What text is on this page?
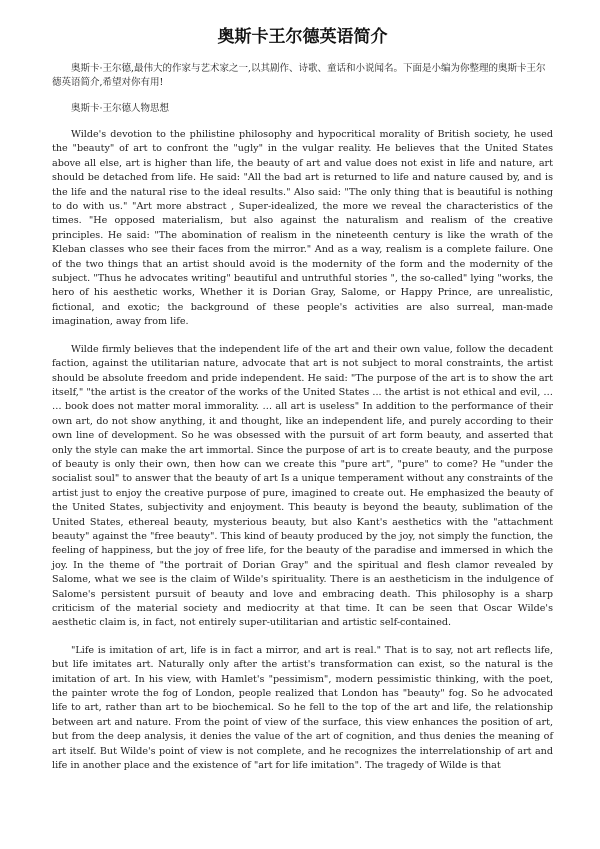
奥斯卡王尔德英语简介

奥斯卡·王尔德,最伟大的作家与艺术家之一,以其剧作、诗歌、童话和小说闻名。下面是小编为你整理的奥斯卡王尔德英语简介,希望对你有用!

奥斯卡·王尔德人物思想

Wilde's devotion to the philistine philosophy and hypocritical morality of British society, he used the "beauty" of art to confront the "ugly" in the vulgar reality. He believes that the United States above all else, art is higher than life, the beauty of art and value does not exist in life and nature, art should be detached from life. He said: "All the bad art is returned to life and nature caused by, and is the life and the natural rise to the ideal results." Also said: "The only thing that is beautiful is nothing to do with us." "Art more abstract , Super-idealized, the more we reveal the characteristics of the times. "He opposed materialism, but also against the naturalism and realism of the creative principles. He said: "The abomination of realism in the nineteenth century is like the wrath of the Kleban classes who see their faces from the mirror." And as a way, realism is a complete failure. One of the two things that an artist should avoid is the modernity of the form and the modernity of the subject. "Thus he advocates writing" beautiful and untruthful stories ", the so-called" lying "works, the hero of his aesthetic works, Whether it is Dorian Gray, Salome, or Happy Prince, are unrealistic, fictional, and exotic; the background of these people's activities are also surreal, man-made imagination, away from life.

Wilde firmly believes that the independent life of the art and their own value, follow the decadent faction, against the utilitarian nature, advocate that art is not subject to moral constraints, the artist should be absolute freedom and pride independent. He said: "The purpose of the art is to show the art itself," "the artist is the creator of the works of the United States ... the artist is not ethical and evil, … … book does not matter moral immorality. … all art is useless" In addition to the performance of their own art, do not show anything, it and thought, like an independent life, and purely according to their own line of development. So he was obsessed with the pursuit of art form beauty, and asserted that only the style can make the art immortal. Since the purpose of art is to create beauty, and the purpose of beauty is only their own, then how can we create this "pure art", "pure" to come? He "under the socialist soul" to answer that the beauty of art Is a unique temperament without any constraints of the artist just to enjoy the creative purpose of pure, imagined to create out. He emphasized the beauty of the United States, subjectivity and enjoyment. This beauty is beyond the beauty, sublimation of the United States, ethereal beauty, mysterious beauty, but also Kant's aesthetics with the "attachment beauty" against the "free beauty". This kind of beauty produced by the joy, not simply the function, the feeling of happiness, but the joy of free life, for the beauty of the paradise and immersed in which the joy. In the theme of "the portrait of Dorian Gray" and the spiritual and flesh clamor revealed by Salome, what we see is the claim of Wilde's spirituality. There is an aestheticism in the indulgence of Salome's persistent pursuit of beauty and love and embracing death. This philosophy is a sharp criticism of the material society and mediocrity at that time. It can be seen that Oscar Wilde's aesthetic claim is, in fact, not entirely super-utilitarian and artistic self-contained.

"Life is imitation of art, life is in fact a mirror, and art is real." That is to say, not art reflects life, but life imitates art. Naturally only after the artist's transformation can exist, so the natural is the imitation of art. In his view, with Hamlet's "pessimism", modern pessimistic thinking, with the poet, the painter wrote the fog of London, people realized that London has "beauty" fog. So he advocated life to art, rather than art to be biochemical. So he fell to the top of the art and life, the relationship between art and nature. From the point of view of the surface, this view enhances the position of art, but from the deep analysis, it denies the value of the art of cognition, and thus denies the meaning of art itself. But Wilde's point of view is not complete, and he recognizes the interrelationship of art and life in another place and the existence of "art for life imitation". The tragedy of Wilde is that
